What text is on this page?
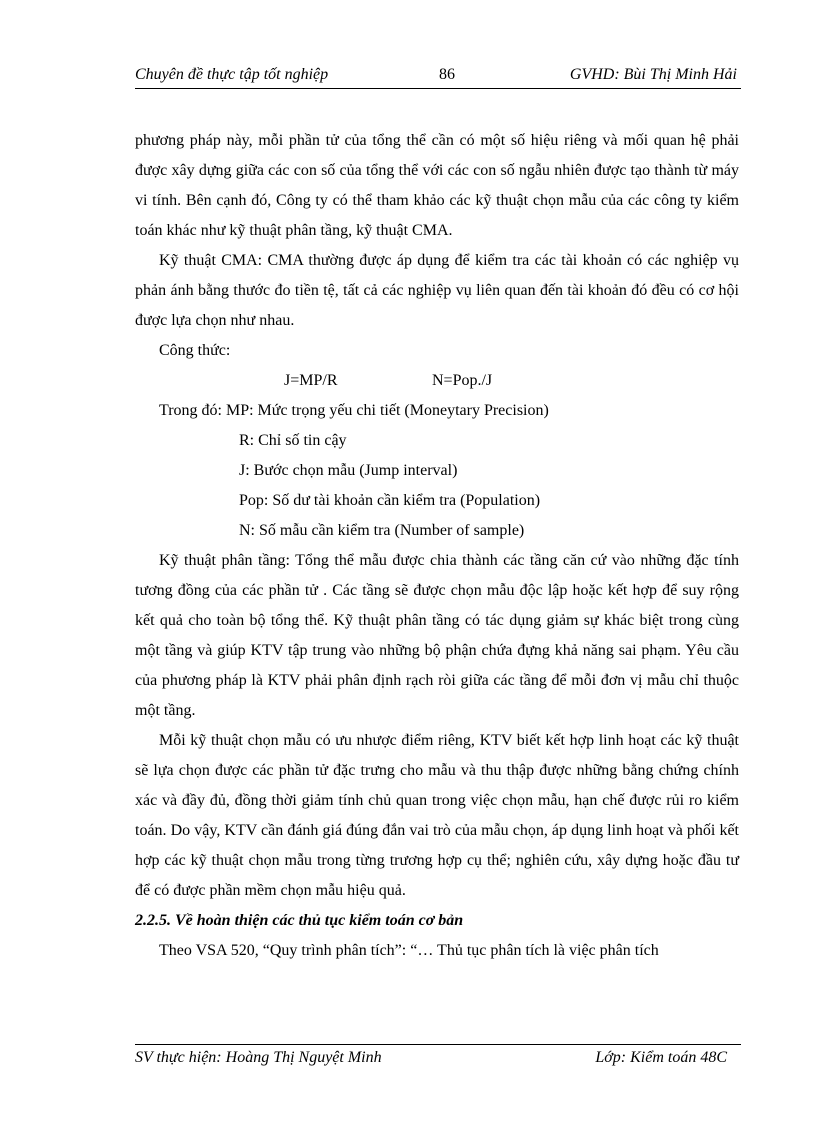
Chuyên đề thực tập tốt nghiệp	86	GVHD: Bùi Thị Minh Hải

phương pháp này, mỗi phần tử của tổng thể cần có một số hiệu riêng và mối quan hệ phải được xây dựng giữa các con số của tổng thể với các con số ngẫu nhiên được tạo thành từ máy vi tính. Bên cạnh đó, Công ty có thể tham khảo các kỹ thuật chọn mẫu của các công ty kiểm toán khác như kỹ thuật phân tầng, kỹ thuật CMA.

Kỹ thuật CMA: CMA thường được áp dụng để kiểm tra các tài khoản có các nghiệp vụ phản ánh bằng thước đo tiền tệ, tất cả các nghiệp vụ liên quan đến tài khoản đó đều có cơ hội được lựa chọn như nhau.

Công thức:

J=MP/R	N=Pop./J

Trong đó: MP: Mức trọng yếu chi tiết (Moneytary Precision)

R: Chỉ số tin cậy

J: Bước chọn mẫu (Jump interval)

Pop: Số dư tài khoản cần kiểm tra (Population)

N: Số mẫu cần kiểm tra (Number of sample)

Kỹ thuật phân tầng: Tổng thể mẫu được chia thành các tầng căn cứ vào những đặc tính tương đồng của các phần tử . Các tầng sẽ được chọn mẫu độc lập hoặc kết hợp để suy rộng kết quả cho toàn bộ tổng thể. Kỹ thuật phân tầng có tác dụng giảm sự khác biệt trong cùng một tầng và giúp KTV tập trung vào những bộ phận chứa đựng khả năng sai phạm. Yêu cầu của phương pháp là KTV phải phân định rạch ròi giữa các tầng để mỗi đơn vị mẫu chỉ thuộc một tầng.

Mỗi kỹ thuật chọn mẫu có ưu nhược điểm riêng, KTV biết kết hợp linh hoạt các kỹ thuật sẽ lựa chọn được các phần tử đặc trưng cho mẫu và thu thập được những bằng chứng chính xác và đầy đủ, đồng thời giảm tính chủ quan trong việc chọn mẫu, hạn chế được rủi ro kiểm toán. Do vậy, KTV cần đánh giá đúng đắn vai trò của mẫu chọn, áp dụng linh hoạt và phối kết hợp các kỹ thuật chọn mẫu trong từng trương hợp cụ thể; nghiên cứu, xây dựng hoặc đầu tư để có được phần mềm chọn mẫu hiệu quả.

2.2.5. Về hoàn thiện các thủ tục kiểm toán cơ bản

Theo VSA 520, “Quy trình phân tích”: “… Thủ tục phân tích là việc phân tích

SV thực hiện: Hoàng Thị Nguyệt Minh	Lớp: Kiểm toán 48C
